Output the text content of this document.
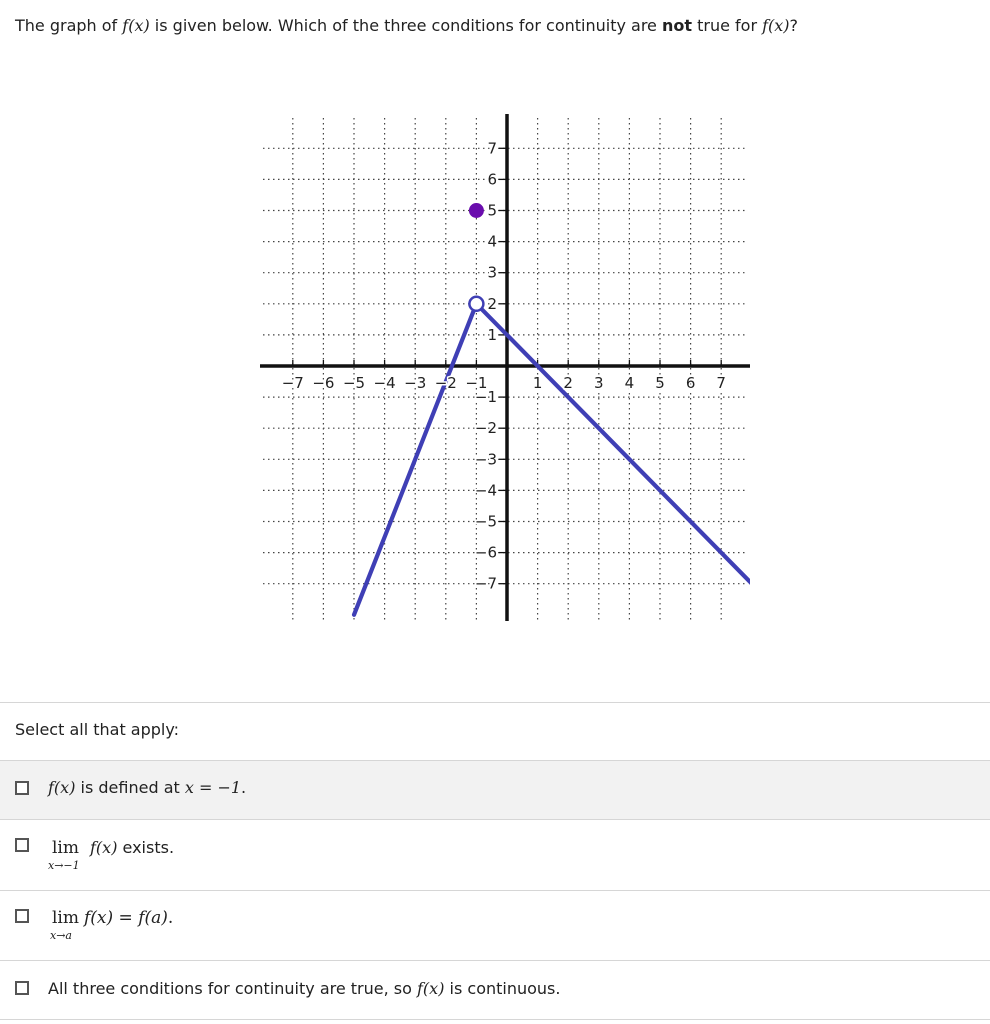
The graph of f(x) is given below. Which of the three conditions for continuity are not true for f(x)?
−7 −6 −5 −4 −3 −2 −1	1 2 3 4 5 6 7
7
6
5
4
3
2
1
−1
−2
−3
−4
−5
−6
−7
Select all that apply:
f(x) is defined at x = −1.
lim
x→−1
f(x) exists.
lim
x→a
f(x) = f(a).
All three conditions for continuity are true, so f(x) is continuous.
